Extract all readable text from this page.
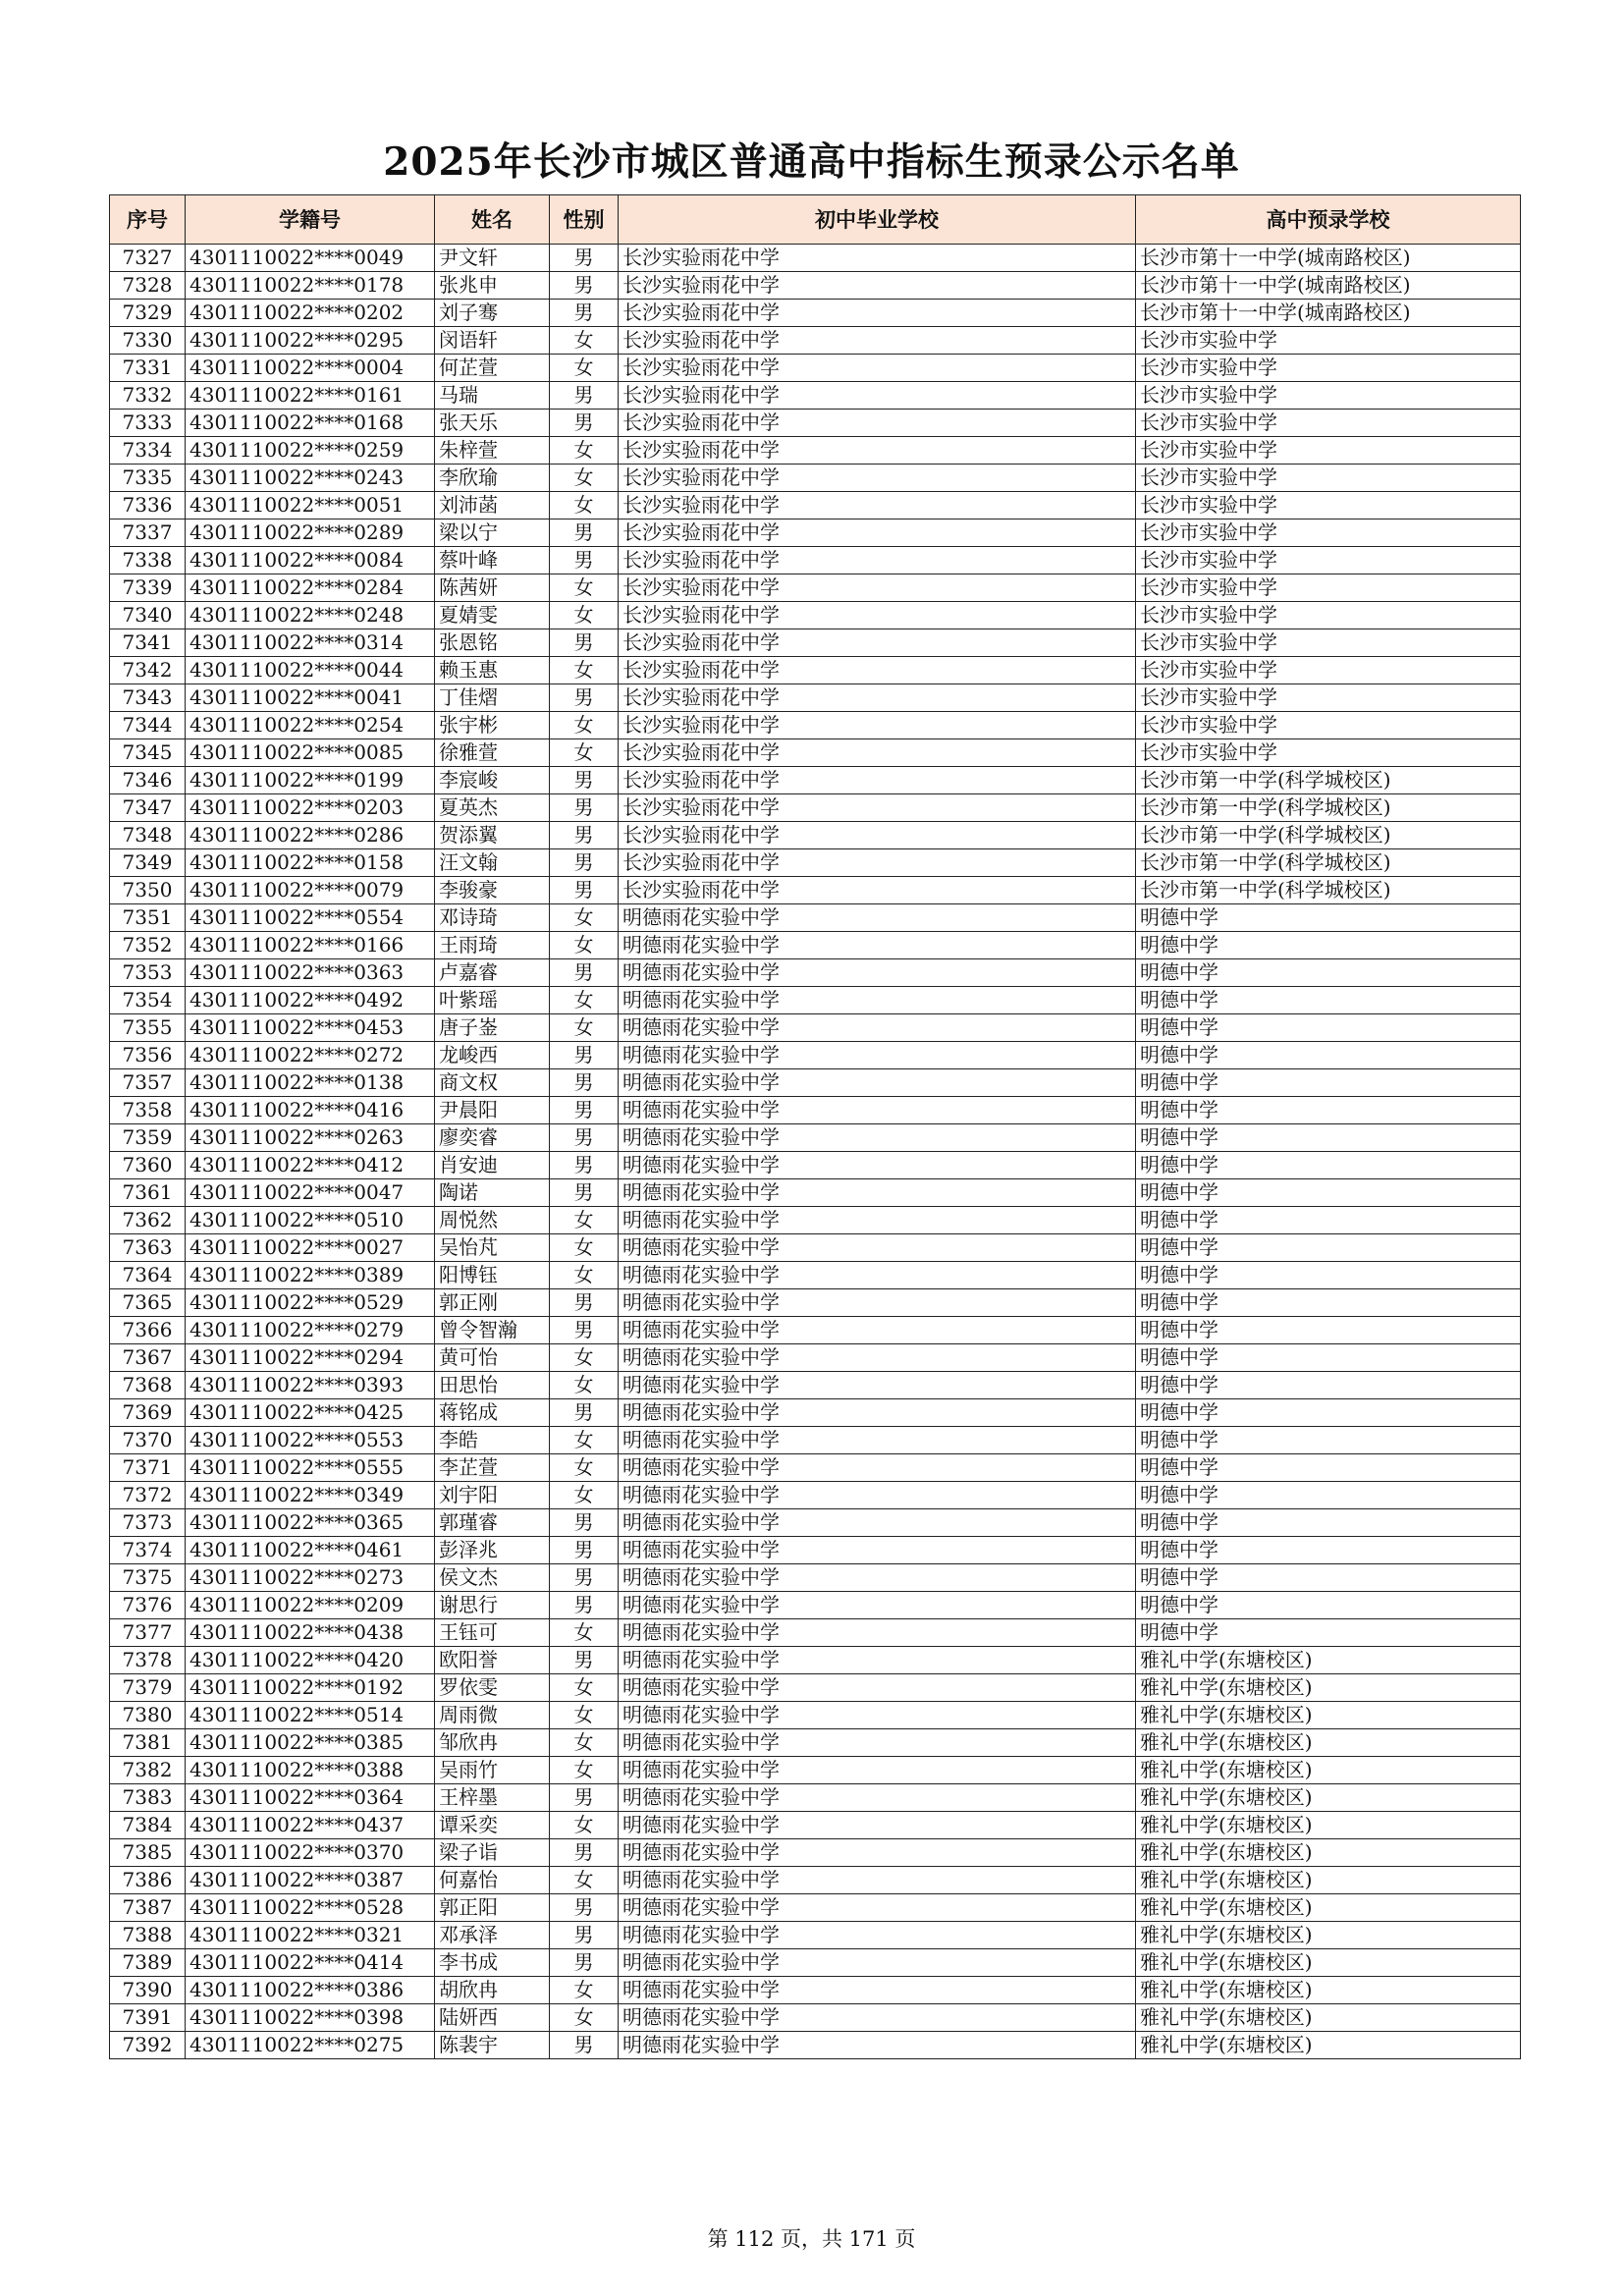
2025年长沙市城区普通高中指标生预录公示名单
序号	学籍号	姓名	性别	初中毕业学校	高中预录学校
7327	4301110022****0049	尹文轩	男	长沙实验雨花中学	长沙市第十一中学(城南路校区)
7328	4301110022****0178	张兆申	男	长沙实验雨花中学	长沙市第十一中学(城南路校区)
7329	4301110022****0202	刘子骞	男	长沙实验雨花中学	长沙市第十一中学(城南路校区)
7330	4301110022****0295	闵语轩	女	长沙实验雨花中学	长沙市实验中学
7331	4301110022****0004	何芷萱	女	长沙实验雨花中学	长沙市实验中学
7332	4301110022****0161	马瑞	男	长沙实验雨花中学	长沙市实验中学
7333	4301110022****0168	张天乐	男	长沙实验雨花中学	长沙市实验中学
7334	4301110022****0259	朱梓萱	女	长沙实验雨花中学	长沙市实验中学
7335	4301110022****0243	李欣瑜	女	长沙实验雨花中学	长沙市实验中学
7336	4301110022****0051	刘沛菡	女	长沙实验雨花中学	长沙市实验中学
7337	4301110022****0289	梁以宁	男	长沙实验雨花中学	长沙市实验中学
7338	4301110022****0084	蔡叶峰	男	长沙实验雨花中学	长沙市实验中学
7339	4301110022****0284	陈茜妍	女	长沙实验雨花中学	长沙市实验中学
7340	4301110022****0248	夏婧雯	女	长沙实验雨花中学	长沙市实验中学
7341	4301110022****0314	张恩铭	男	长沙实验雨花中学	长沙市实验中学
7342	4301110022****0044	赖玉惠	女	长沙实验雨花中学	长沙市实验中学
7343	4301110022****0041	丁佳熠	男	长沙实验雨花中学	长沙市实验中学
7344	4301110022****0254	张宇彬	女	长沙实验雨花中学	长沙市实验中学
7345	4301110022****0085	徐雅萱	女	长沙实验雨花中学	长沙市实验中学
7346	4301110022****0199	李宸峻	男	长沙实验雨花中学	长沙市第一中学(科学城校区)
7347	4301110022****0203	夏英杰	男	长沙实验雨花中学	长沙市第一中学(科学城校区)
7348	4301110022****0286	贺添翼	男	长沙实验雨花中学	长沙市第一中学(科学城校区)
7349	4301110022****0158	汪文翰	男	长沙实验雨花中学	长沙市第一中学(科学城校区)
7350	4301110022****0079	李骏豪	男	长沙实验雨花中学	长沙市第一中学(科学城校区)
7351	4301110022****0554	邓诗琦	女	明德雨花实验中学	明德中学
7352	4301110022****0166	王雨琦	女	明德雨花实验中学	明德中学
7353	4301110022****0363	卢嘉睿	男	明德雨花实验中学	明德中学
7354	4301110022****0492	叶紫瑶	女	明德雨花实验中学	明德中学
7355	4301110022****0453	唐子崟	女	明德雨花实验中学	明德中学
7356	4301110022****0272	龙峻西	男	明德雨花实验中学	明德中学
7357	4301110022****0138	商文权	男	明德雨花实验中学	明德中学
7358	4301110022****0416	尹晨阳	男	明德雨花实验中学	明德中学
7359	4301110022****0263	廖奕睿	男	明德雨花实验中学	明德中学
7360	4301110022****0412	肖安迪	男	明德雨花实验中学	明德中学
7361	4301110022****0047	陶诺	男	明德雨花实验中学	明德中学
7362	4301110022****0510	周悦然	女	明德雨花实验中学	明德中学
7363	4301110022****0027	吴怡芃	女	明德雨花实验中学	明德中学
7364	4301110022****0389	阳博钰	女	明德雨花实验中学	明德中学
7365	4301110022****0529	郭正刚	男	明德雨花实验中学	明德中学
7366	4301110022****0279	曾令智瀚	男	明德雨花实验中学	明德中学
7367	4301110022****0294	黄可怡	女	明德雨花实验中学	明德中学
7368	4301110022****0393	田思怡	女	明德雨花实验中学	明德中学
7369	4301110022****0425	蒋铭成	男	明德雨花实验中学	明德中学
7370	4301110022****0553	李皓	女	明德雨花实验中学	明德中学
7371	4301110022****0555	李芷萱	女	明德雨花实验中学	明德中学
7372	4301110022****0349	刘宇阳	女	明德雨花实验中学	明德中学
7373	4301110022****0365	郭瑾睿	男	明德雨花实验中学	明德中学
7374	4301110022****0461	彭泽兆	男	明德雨花实验中学	明德中学
7375	4301110022****0273	侯文杰	男	明德雨花实验中学	明德中学
7376	4301110022****0209	谢思行	男	明德雨花实验中学	明德中学
7377	4301110022****0438	王钰可	女	明德雨花实验中学	明德中学
7378	4301110022****0420	欧阳誉	男	明德雨花实验中学	雅礼中学(东塘校区)
7379	4301110022****0192	罗依雯	女	明德雨花实验中学	雅礼中学(东塘校区)
7380	4301110022****0514	周雨微	女	明德雨花实验中学	雅礼中学(东塘校区)
7381	4301110022****0385	邹欣冉	女	明德雨花实验中学	雅礼中学(东塘校区)
7382	4301110022****0388	吴雨竹	女	明德雨花实验中学	雅礼中学(东塘校区)
7383	4301110022****0364	王梓墨	男	明德雨花实验中学	雅礼中学(东塘校区)
7384	4301110022****0437	谭采奕	女	明德雨花实验中学	雅礼中学(东塘校区)
7385	4301110022****0370	梁子诣	男	明德雨花实验中学	雅礼中学(东塘校区)
7386	4301110022****0387	何嘉怡	女	明德雨花实验中学	雅礼中学(东塘校区)
7387	4301110022****0528	郭正阳	男	明德雨花实验中学	雅礼中学(东塘校区)
7388	4301110022****0321	邓承泽	男	明德雨花实验中学	雅礼中学(东塘校区)
7389	4301110022****0414	李书成	男	明德雨花实验中学	雅礼中学(东塘校区)
7390	4301110022****0386	胡欣冉	女	明德雨花实验中学	雅礼中学(东塘校区)
7391	4301110022****0398	陆妍西	女	明德雨花实验中学	雅礼中学(东塘校区)
7392	4301110022****0275	陈裴宇	男	明德雨花实验中学	雅礼中学(东塘校区)
第 112 页，共 171 页
